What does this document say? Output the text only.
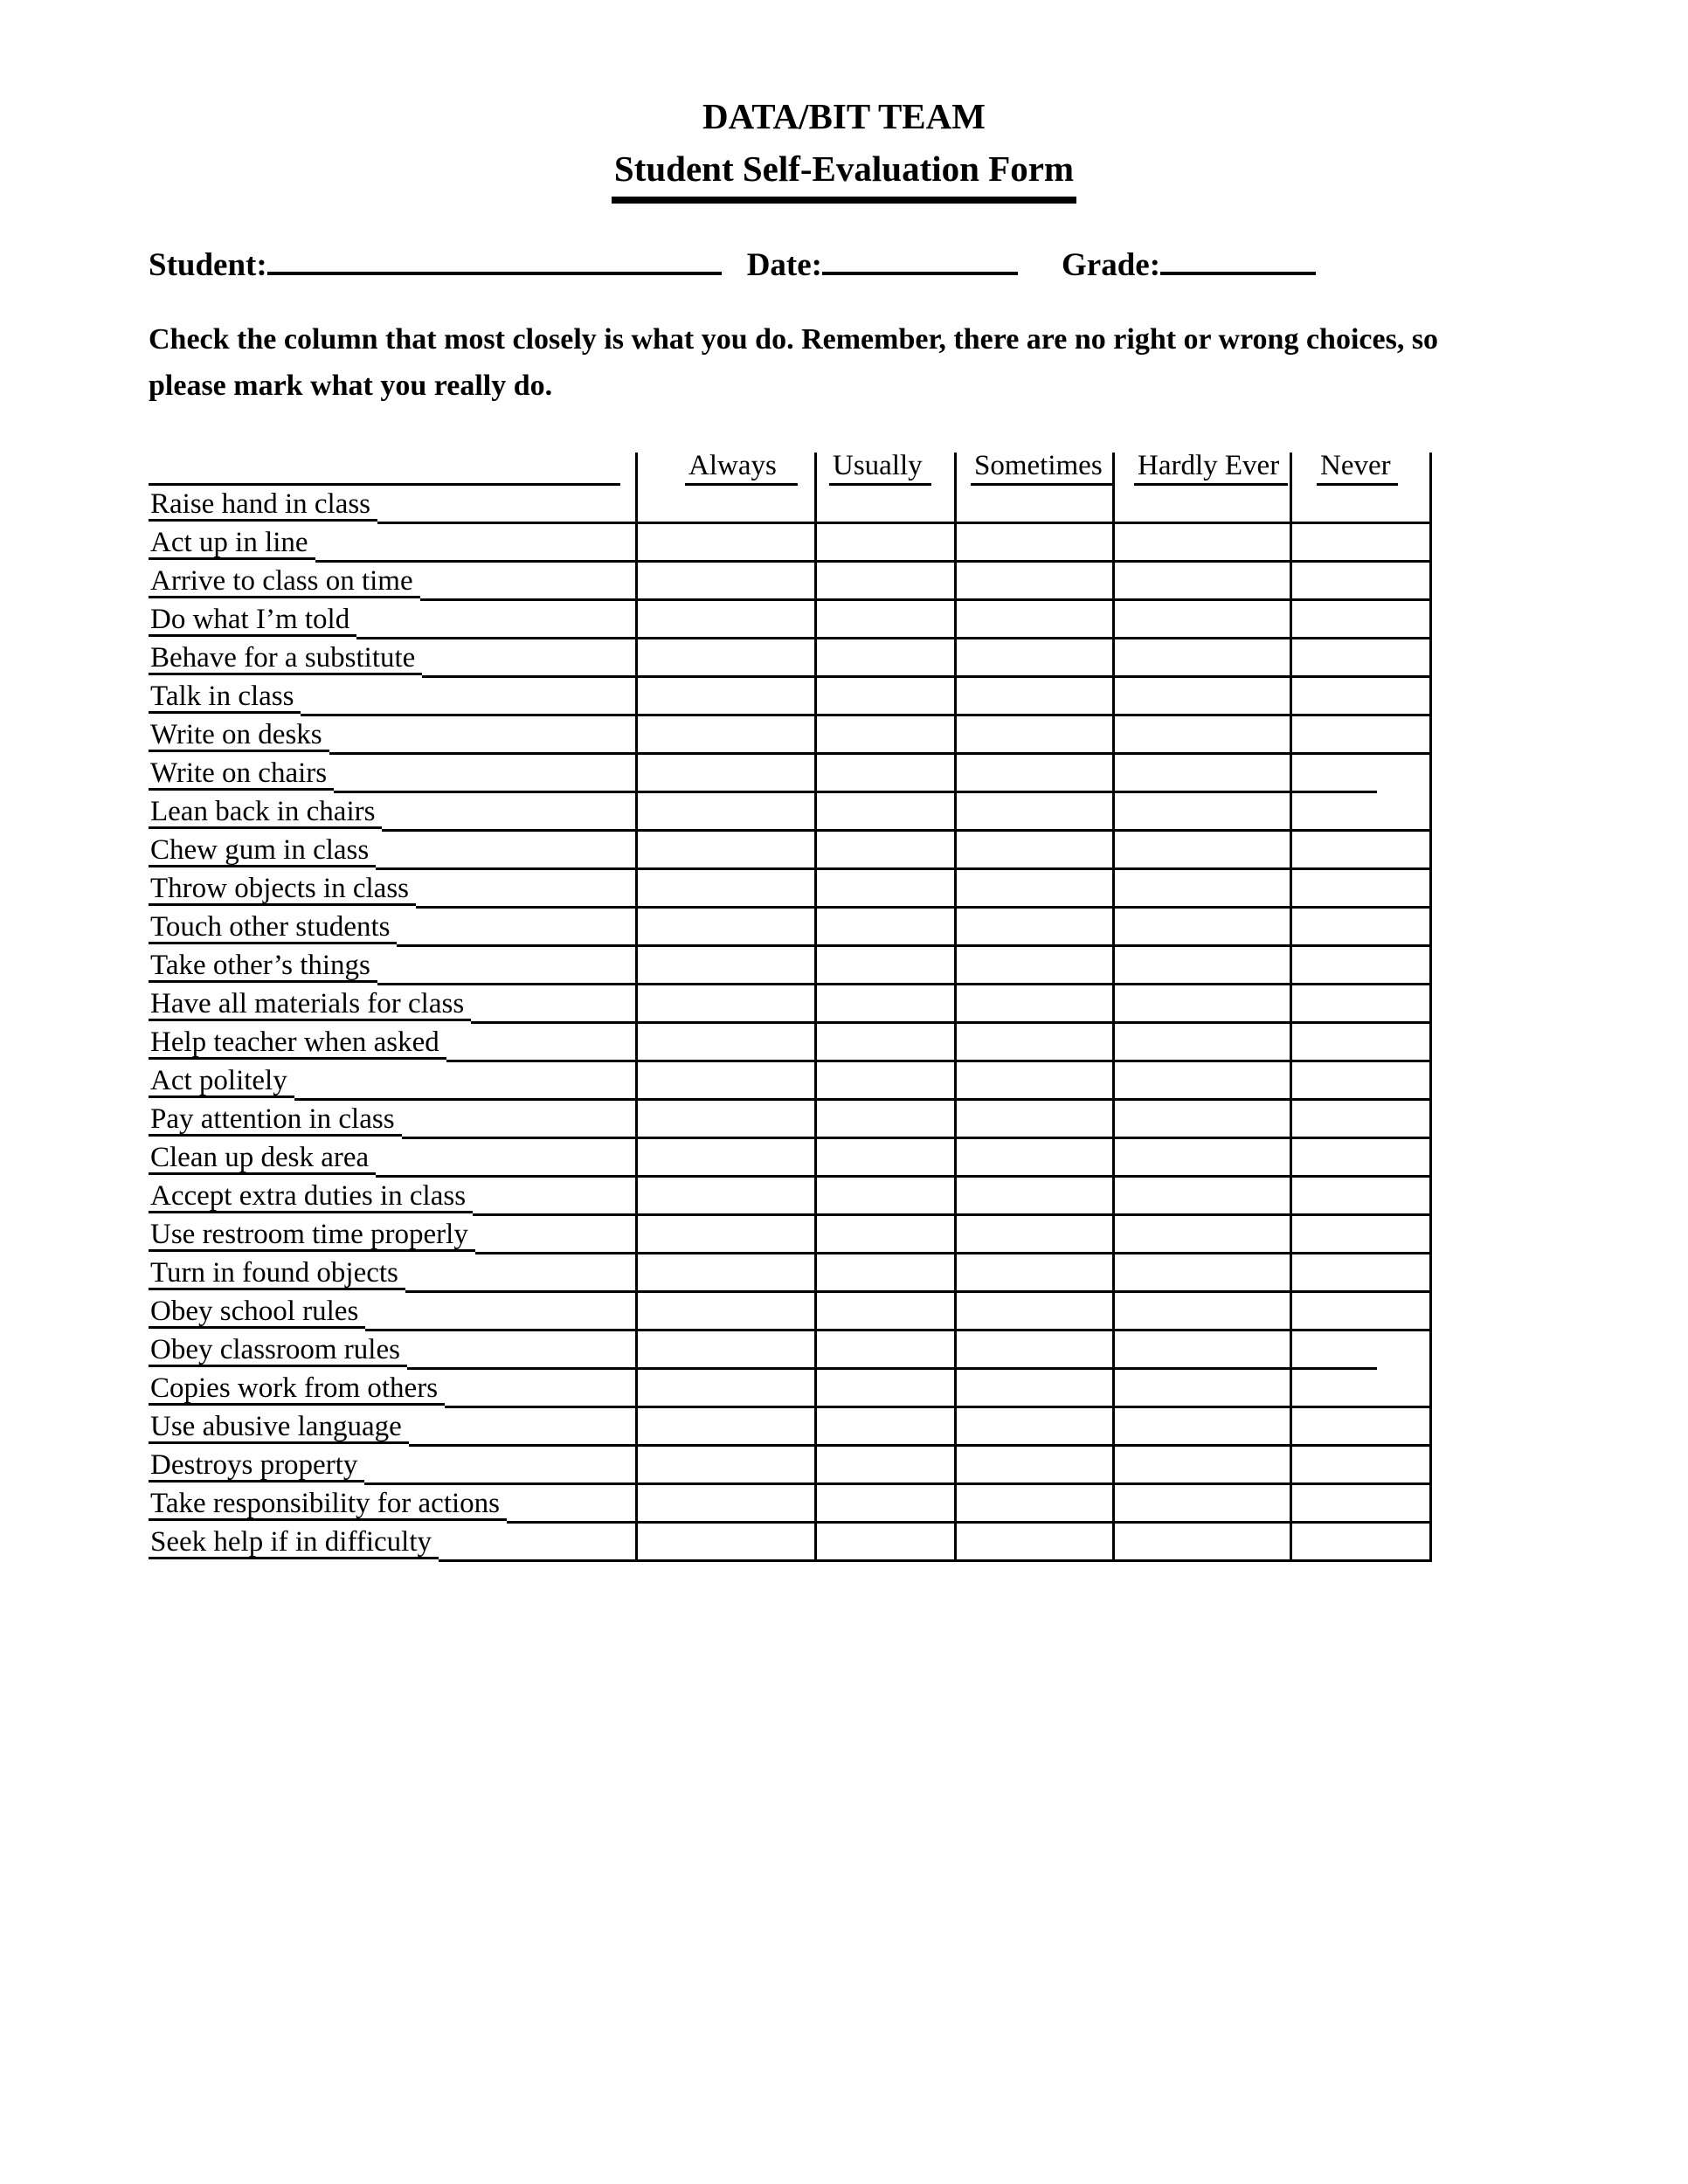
DATA/BIT TEAM
Student Self-Evaluation Form
Student:	Date:	Grade:
Check the column that most closely is what you do. Remember, there are no right or wrong choices, so
please mark what you really do.
Always	Usually	Sometimes	Hardly Ever	Never
Raise hand in class
Act up in line
Arrive to class on time
Do what I’m told
Behave for a substitute
Talk in class
Write on desks
Write on chairs
Lean back in chairs
Chew gum in class
Throw objects in class
Touch other students
Take other’s things
Have all materials for class
Help teacher when asked
Act politely
Pay attention in class
Clean up desk area
Accept extra duties in class
Use restroom time properly
Turn in found objects
Obey school rules
Obey classroom rules
Copies work from others
Use abusive language
Destroys property
Take responsibility for actions
Seek help if in difficulty
